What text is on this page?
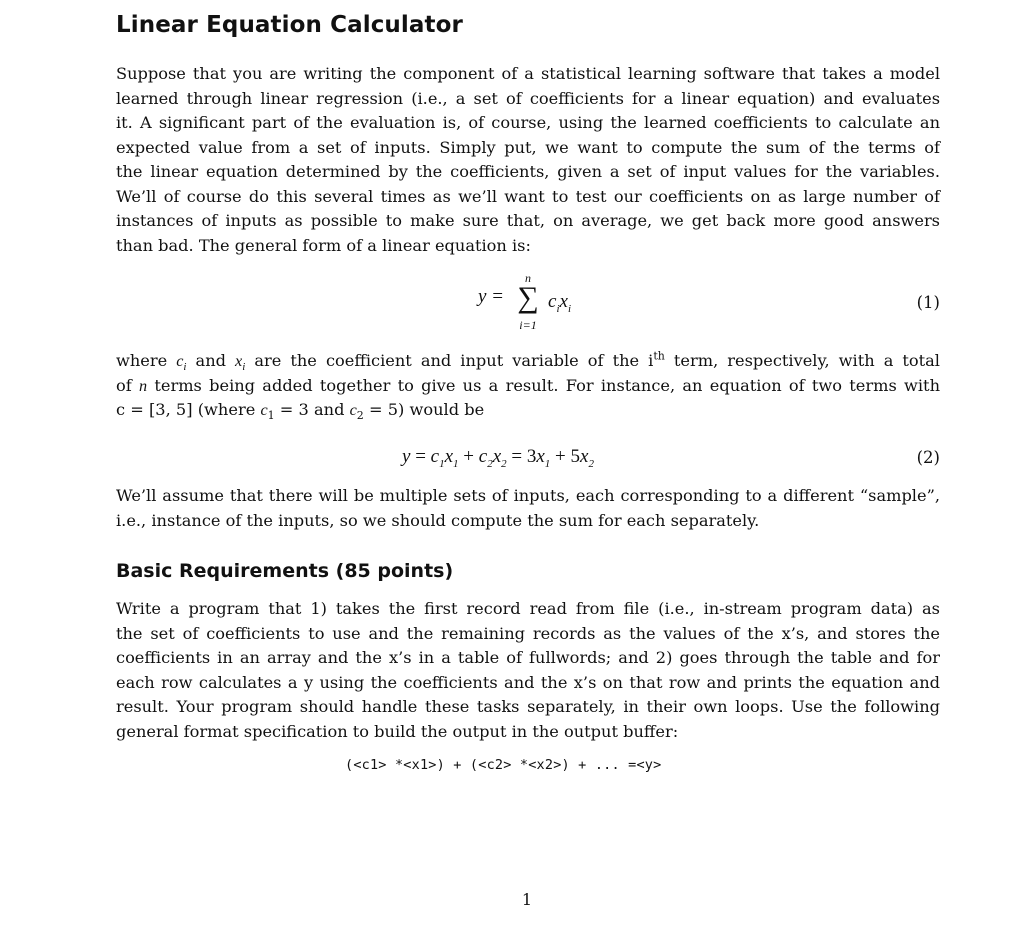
Linear Equation Calculator

Suppose that you are writing the component of a statistical learning software that takes a model
learned through linear regression (i.e., a set of coefficients for a linear equation) and evaluates
it. A significant part of the evaluation is, of course, using the learned coefficients to calculate an
expected value from a set of inputs. Simply put, we want to compute the sum of the terms of
the linear equation determined by the coefficients, given a set of input values for the variables.
We’ll of course do this several times as we’ll want to test our coefficients on as large number of
instances of inputs as possible to make sure that, on average, we get back more good answers
than bad. The general form of a linear equation is:

y =
n
∑
i=1
$c_ix_i$	(1)

where $c_i$ and $x_i$ are the coefficient and input variable of the $i^{th}$ term, respectively, with a total
of n terms being added together to give us a result. For instance, an equation of two terms with
c = [3, 5] (where $c_1 = 3$ and $c_2 = 5$) would be

$y = c_1x_1 + c_2x_2 = 3x_1 + 5x_2$	(2)

We’ll assume that there will be multiple sets of inputs, each corresponding to a different “sample”,
i.e., instance of the inputs, so we should compute the sum for each separately.

Basic Requirements (85 points)

Write a program that 1) takes the first record read from file (i.e., in-stream program data) as
the set of coefficients to use and the remaining records as the values of the x’s, and stores the
coefficients in an array and the x’s in a table of fullwords; and 2) goes through the table and for
each row calculates a y using the coefficients and the x’s on that row and prints the equation and
result. Your program should handle these tasks separately, in their own loops. Use the following
general format specification to build the output in the output buffer:

(<c1> *<x1>) + (<c2> *<x2>) + ... =<y>
1
